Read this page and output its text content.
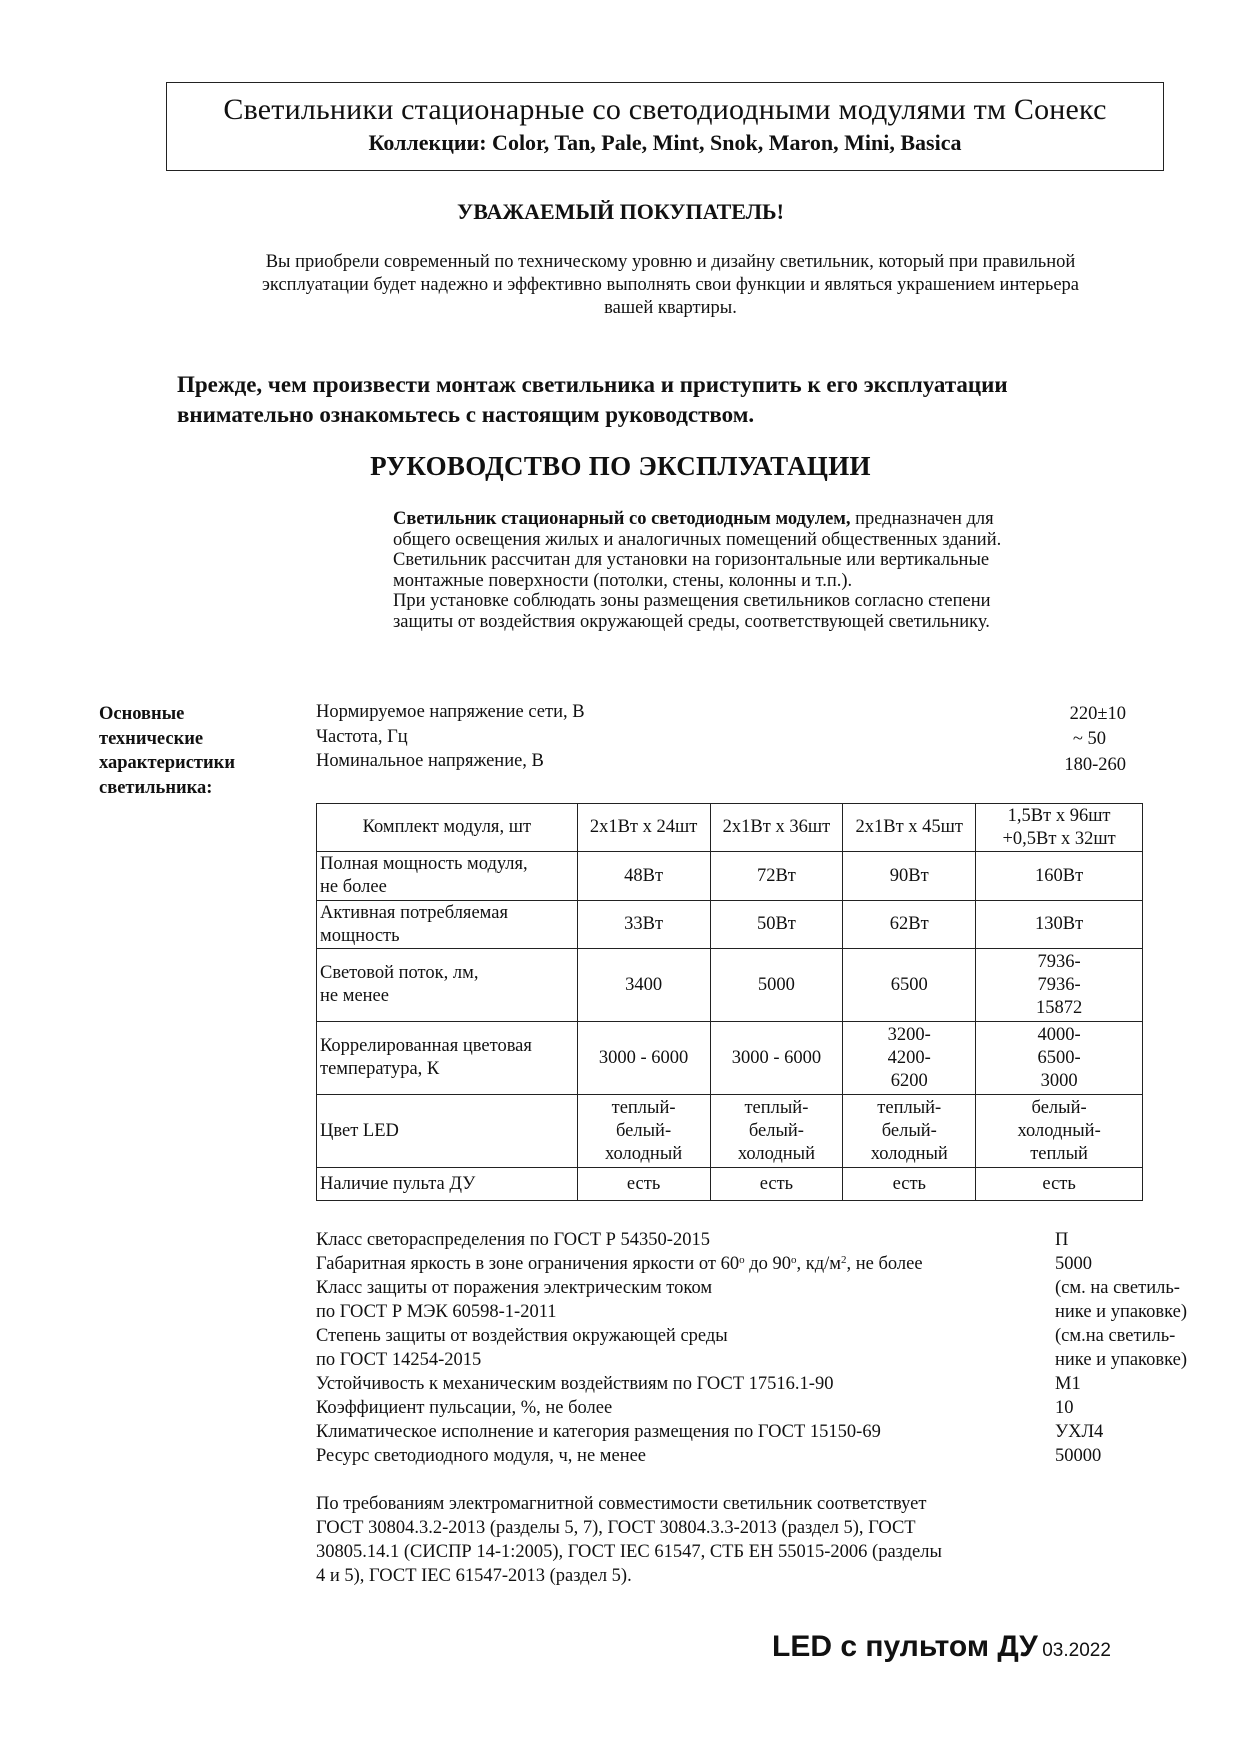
Светильники стационарные со светодиодными модулями тм Сонекс
Коллекции: Color, Tan, Pale, Mint, Snok, Maron, Mini, Basica
УВАЖАЕМЫЙ ПОКУПАТЕЛЬ!
Вы приобрели современный по техническому уровню и дизайну светильник, который при правильной
эксплуатации будет надежно и эффективно выполнять свои функции и являться украшением интерьера
вашей квартиры.
Прежде, чем произвести монтаж светильника и приступить к его эксплуатации
внимательно ознакомьтесь с настоящим руководством.
РУКОВОДСТВО ПО ЭКСПЛУАТАЦИИ
Светильник стационарный со светодиодным модулем, предназначен для
общего освещения жилых и аналогичных помещений общественных зданий.
Светильник рассчитан для установки на горизонтальные или вертикальные
монтажные поверхности (потолки, стены, колонны и т.п.).
При установке соблюдать зоны размещения светильников согласно степени
защиты от воздействия окружающей среды, соответствующей светильнику.
Основные
технические
характеристики
светильника:
Нормируемое напряжение сети, В	220±10
Частота, Гц	~ 50
Номинальное напряжение, В	180-260
Комплект модуля, шт	2х1Вт х 24шт	2х1Вт х 36шт	2х1Вт х 45шт	1,5Вт х 96шт
+0,5Вт х 32шт
Полная мощность модуля,
не более	48Вт	72Вт	90Вт	160Вт
Активная потребляемая
мощность	33Вт	50Вт	62Вт	130Вт
Световой поток, лм,
не менее	3400	5000	6500	7936-
7936-
15872
Коррелированная цветовая
температура, К	3000 - 6000	3000 - 6000	3200-
4200-
6200	4000-
6500-
3000
Цвет LED	теплый-
белый-
холодный	теплый-
белый-
холодный	теплый-
белый-
холодный	белый-
холодный-
теплый
Наличие пульта ДУ	есть	есть	есть	есть
Класс светораспределения по ГОСТ Р 54350-2015	П
Габаритная яркость в зоне ограничения яркости от $60^о$ до $90^о$, $кд/м^2$, не более	5000
Класс защиты от поражения электрическим током	(см. на светиль-
по ГОСТ Р МЭК 60598-1-2011	нике и упаковке)
Степень защиты от воздействия окружающей среды	(см.на светиль-
по ГОСТ 14254-2015	нике и упаковке)
Устойчивость к механическим воздействиям по ГОСТ 17516.1-90	М1
Коэффициент пульсации, %, не более	10
Климатическое исполнение и категория размещения по ГОСТ 15150-69	УХЛ4
Ресурс светодиодного модуля, ч, не менее	50000
По требованиям электромагнитной совместимости светильник соответствует
ГОСТ 30804.3.2-2013 (разделы 5, 7), ГОСТ 30804.3.3-2013 (раздел 5), ГОСТ
30805.14.1 (СИСПР 14-1:2005), ГОСТ IEC 61547, СТБ ЕН 55015-2006 (разделы
4 и 5), ГОСТ IEC 61547-2013 (раздел 5).
LED с пультом ДУ 03.2022
